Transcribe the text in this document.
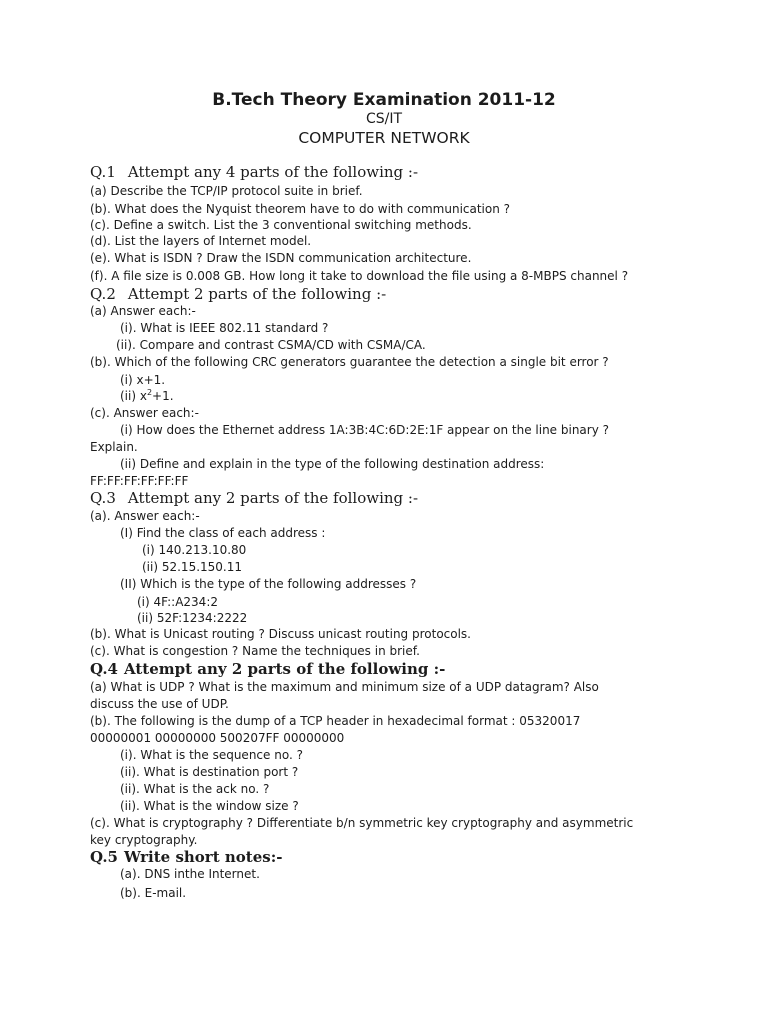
B.Tech Theory Examination 2011-12
CS/IT
COMPUTER NETWORK
Q.1 Attempt any 4 parts of the following :-
(a) Describe the TCP/IP protocol suite in brief.
(b). What does the Nyquist theorem have to do with communication ?
(c). Define a switch. List the 3 conventional switching methods.
(d). List the layers of Internet model.
(e). What is ISDN ? Draw the ISDN communication architecture.
(f). A file size is 0.008 GB. How long it take to download the file using a 8-MBPS channel ?
Q.2 Attempt 2 parts of the following :-
(a) Answer each:-
(i). What is IEEE 802.11 standard ?
(ii). Compare and contrast CSMA/CD with CSMA/CA.
(b). Which of the following CRC generators guarantee the detection a single bit error ?
(i) x+1.
(ii) $x^2+1$.
(c). Answer each:-
(i) How does the Ethernet address 1A:3B:4C:6D:2E:1F appear on the line binary ?
Explain.
(ii) Define and explain in the type of the following destination address:
FF:FF:FF:FF:FF:FF
Q.3 Attempt any 2 parts of the following :-
(a). Answer each:-
(I) Find the class of each address :
(i) 140.213.10.80
(ii) 52.15.150.11
(II) Which is the type of the following addresses ?
(i) 4F::A234:2
(ii) 52F:1234:2222
(b). What is Unicast routing ? Discuss unicast routing protocols.
(c). What is congestion ? Name the techniques in brief.
Q.4 Attempt any 2 parts of the following :-
(a) What is UDP ? What is the maximum and minimum size of a UDP datagram? Also
discuss the use of UDP.
(b). The following is the dump of a TCP header in hexadecimal format : 05320017
00000001 00000000 500207FF 00000000
(i). What is the sequence no. ?
(ii). What is destination port ?
(ii). What is the ack no. ?
(ii). What is the window size ?
(c). What is cryptography ? Differentiate b/n symmetric key cryptography and asymmetric
key cryptography.
Q.5 Write short notes:-
(a). DNS inthe Internet.
(b). E-mail.
